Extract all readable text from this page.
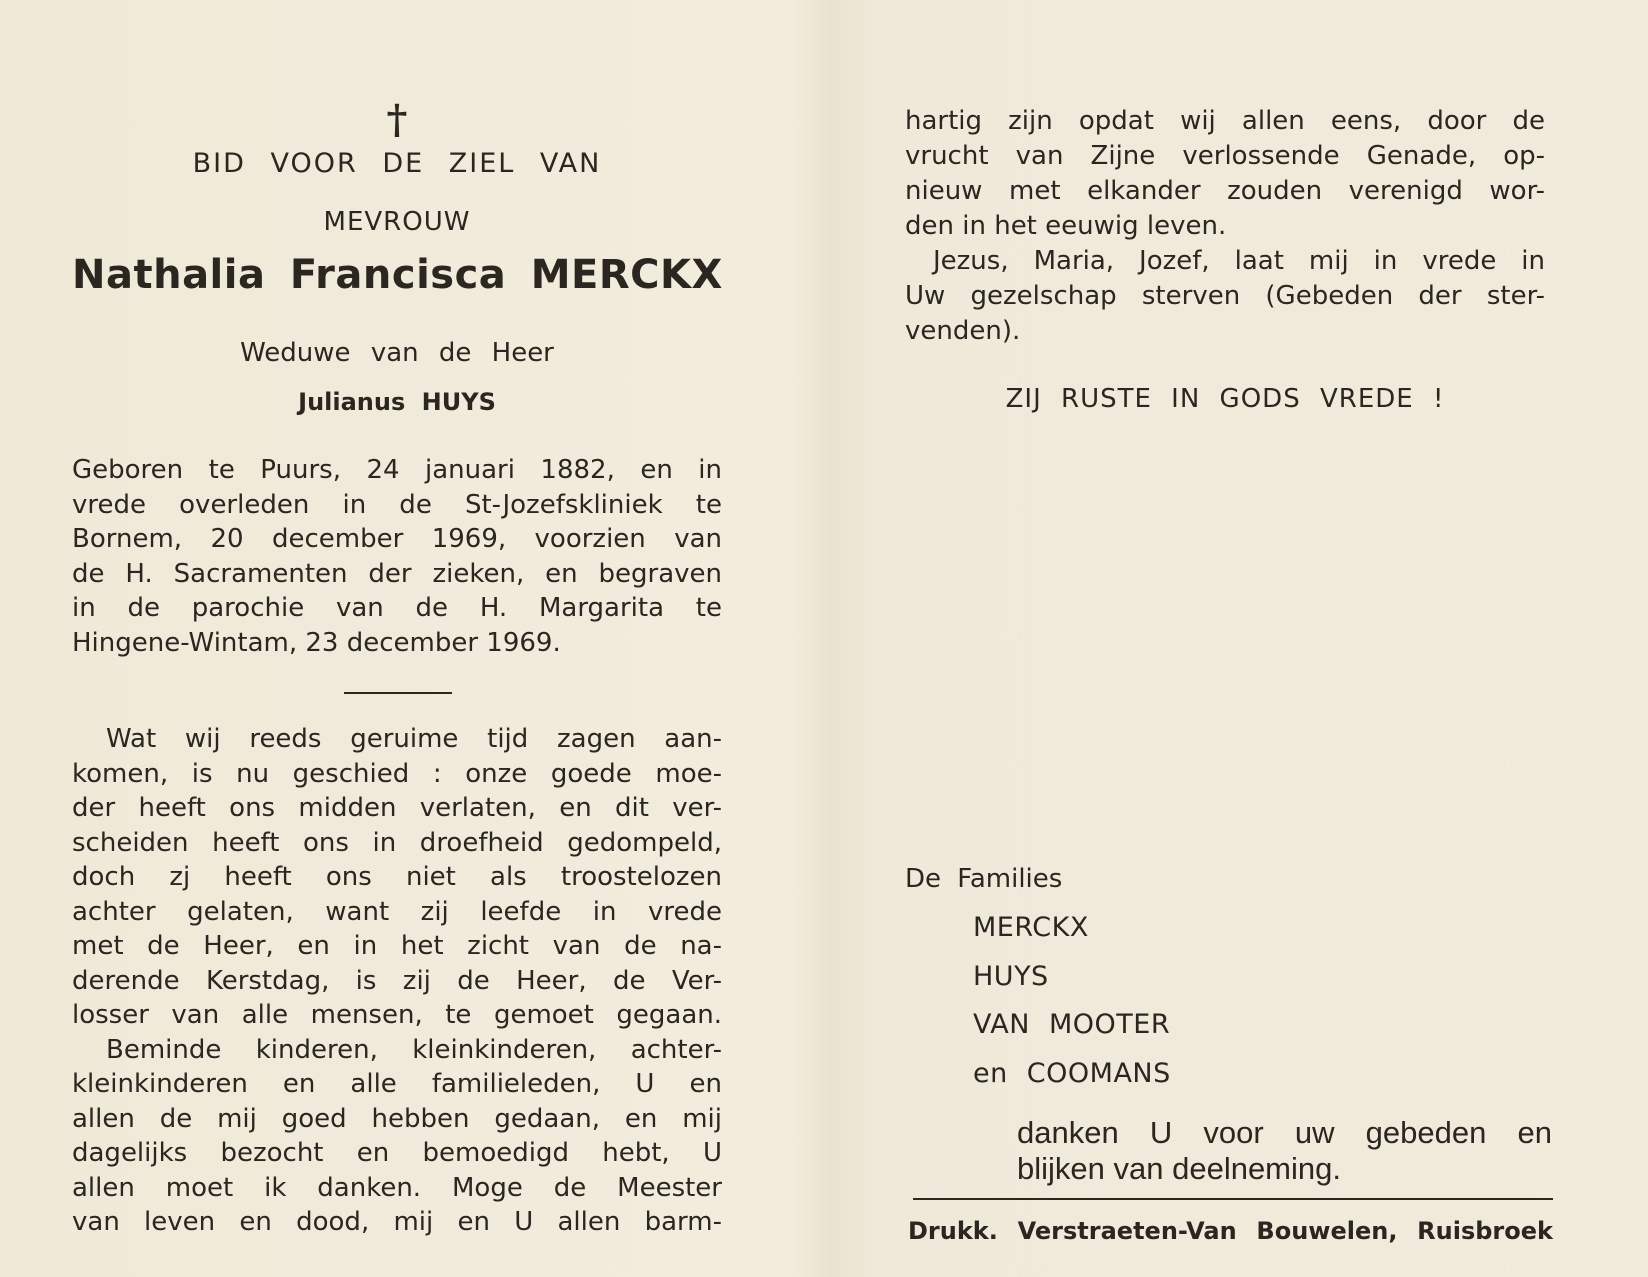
†
BID VOOR DE ZIEL VAN
MEVROUW
Nathalia Francisca MERCKX
Weduwe van de Heer
Julianus HUYS
Geboren te Puurs, 24 januari 1882, en in
vrede overleden in de St-Jozefskliniek te
Bornem, 20 december 1969, voorzien van
de H. Sacramenten der zieken, en begraven
in de parochie van de H. Margarita te
Hingene-Wintam, 23 december 1969.
Wat wij reeds geruime tijd zagen aan-
komen, is nu geschied : onze goede moe-
der heeft ons midden verlaten, en dit ver-
scheiden heeft ons in droefheid gedompeld,
doch zj heeft ons niet als troostelozen
achter gelaten, want zij leefde in vrede
met de Heer, en in het zicht van de na-
derende Kerstdag, is zij de Heer, de Ver-
losser van alle mensen, te gemoet gegaan.
Beminde kinderen, kleinkinderen, achter-
kleinkinderen en alle familieleden, U en
allen de mij goed hebben gedaan, en mij
dagelijks bezocht en bemoedigd hebt, U
allen moet ik danken. Moge de Meester
van leven en dood, mij en U allen barm-
hartig zijn opdat wij allen eens, door de
vrucht van Zijne verlossende Genade, op-
nieuw met elkander zouden verenigd wor-
den in het eeuwig leven.
Jezus, Maria, Jozef, laat mij in vrede in
Uw gezelschap sterven (Gebeden der ster-
venden).
ZIJ RUSTE IN GODS VREDE !
De Families
MERCKX
HUYS
VAN MOOTER
en COOMANS
danken U voor uw gebeden en
blijken van deelneming.
Drukk. Verstraeten-Van Bouwelen, Ruisbroek
